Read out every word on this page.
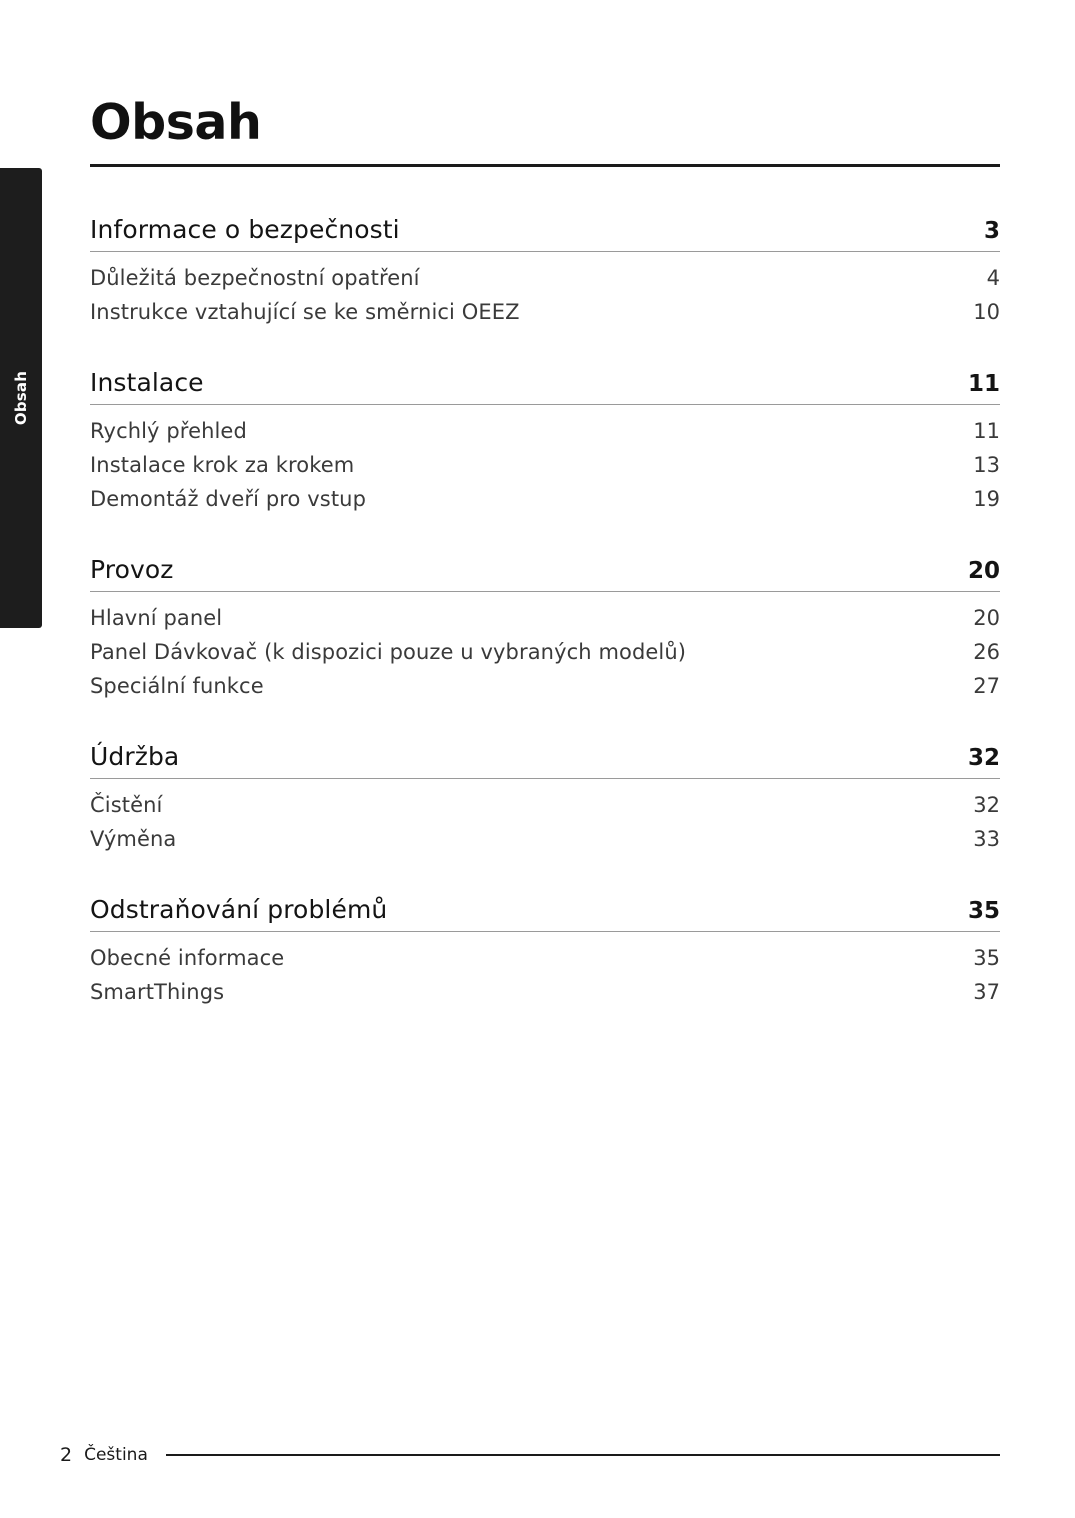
Obsah
Obsah
Informace o bezpečnosti	3
Důležitá bezpečnostní opatření	4
Instrukce vztahující se ke směrnici OEEZ	10
Instalace	11
Rychlý přehled	11
Instalace krok za krokem	13
Demontáž dveří pro vstup	19
Provoz	20
Hlavní panel	20
Panel Dávkovač (k dispozici pouze u vybraných modelů)	26
Speciální funkce	27
Údržba	32
Čistění	32
Výměna	33
Odstraňování problémů	35
Obecné informace	35
SmartThings	37
2 Čeština
